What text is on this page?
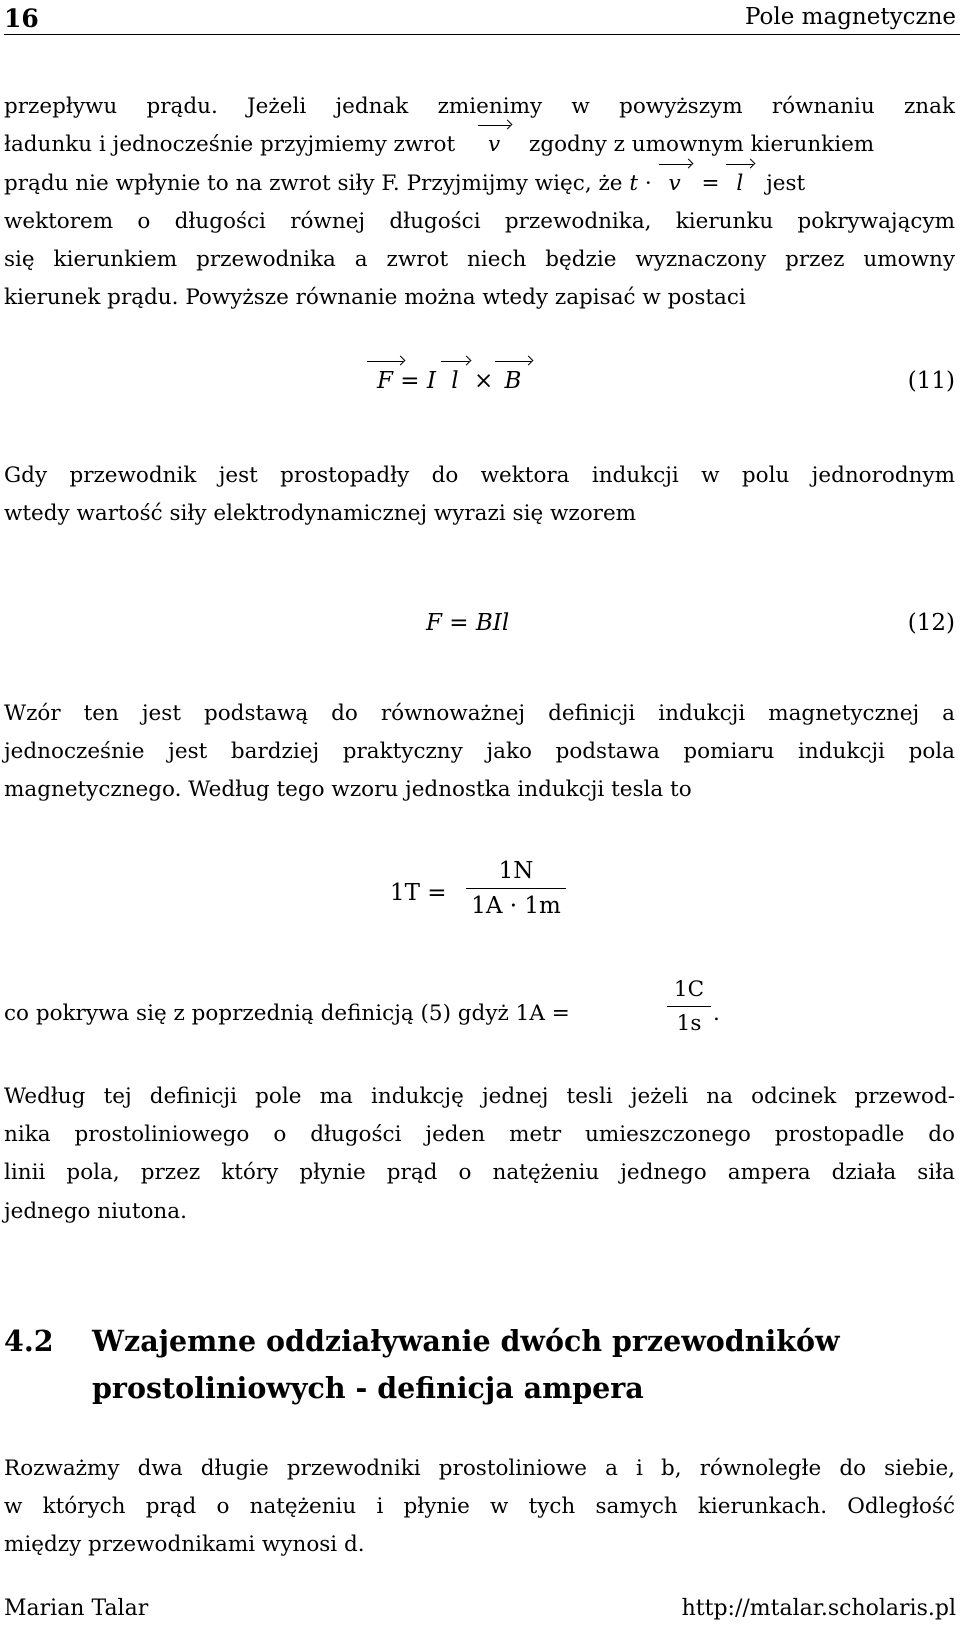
16	Pole magnetyczne
przepływu prądu. Jeżeli jednak zmienimy w powyższym równaniu znak
ładunku i jednocześnie przyjmiemy zwrot v zgodny z umownym kierunkiem
prądu nie wpłynie to na zwrot siły F. Przyjmijmy więc, że t · v = l jest
wektorem o długości równej długości przewodnika, kierunku pokrywającym
się kierunkiem przewodnika a zwrot niech będzie wyznaczony przez umowny
kierunek prądu. Powyższe równanie można wtedy zapisać w postaci
F = I l × B	(11)
Gdy przewodnik jest prostopadły do wektora indukcji w polu jednorodnym
wtedy wartość siły elektrodynamicznej wyrazi się wzorem
F = BIl	(12)
Wzór ten jest podstawą do równoważnej definicji indukcji magnetycznej a
jednocześnie jest bardziej praktyczny jako podstawa pomiaru indukcji pola
magnetycznego. Według tego wzoru jednostka indukcji tesla to
1T =
1N
1A · 1m
co pokrywa się z poprzednią definicją (5) gdyż 1A =
1C
1s .
Według tej definicji pole ma indukcję jednej tesli jeżeli na odcinek przewod-
nika prostoliniowego o długości jeden metr umieszczonego prostopadle do
linii pola, przez który płynie prąd o natężeniu jednego ampera działa siła
jednego niutona.
4.2 Wzajemne oddziaływanie dwóch przewodników
prostoliniowych - definicja ampera
Rozważmy dwa długie przewodniki prostoliniowe a i b, równoległe do siebie,
w których prąd o natężeniu i płynie w tych samych kierunkach. Odległość
między przewodnikami wynosi d.
Marian Talar	http://mtalar.scholaris.pl
